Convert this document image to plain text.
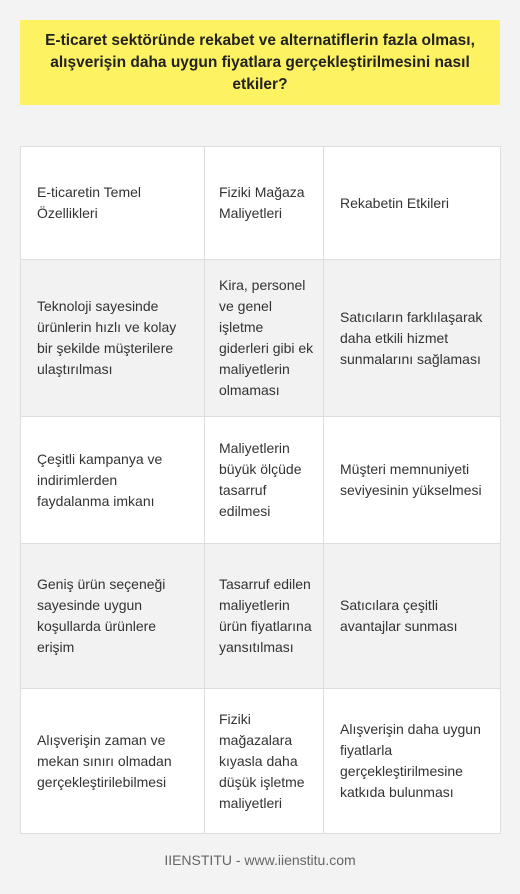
E-ticaret sektöründe rekabet ve alternatiflerin fazla olması, alışverişin daha uygun fiyatlara gerçekleştirilmesini nasıl etkiler?
E-ticaretin Temel Özellikleri	Fiziki Mağaza Maliyetleri	Rekabetin Etkileri
Teknoloji sayesinde ürünlerin hızlı ve kolay bir şekilde müşterilere ulaştırılması	Kira, personel ve genel işletme giderleri gibi ek maliyetlerin olmaması	Satıcıların farklılaşarak daha etkili hizmet sunmalarını sağlaması
Çeşitli kampanya ve indirimlerden faydalanma imkanı	Maliyetlerin büyük ölçüde tasarruf edilmesi	Müşteri memnuniyeti seviyesinin yükselmesi
Geniş ürün seçeneği sayesinde uygun koşullarda ürünlere erişim	Tasarruf edilen maliyetlerin ürün fiyatlarına yansıtılması	Satıcılara çeşitli avantajlar sunması
Alışverişin zaman ve mekan sınırı olmadan gerçekleştirilebilmesi	Fiziki mağazalara kıyasla daha düşük işletme maliyetleri	Alışverişin daha uygun fiyatlarla gerçekleştirilmesine katkıda bulunması
IIENSTITU - www.iienstitu.com
